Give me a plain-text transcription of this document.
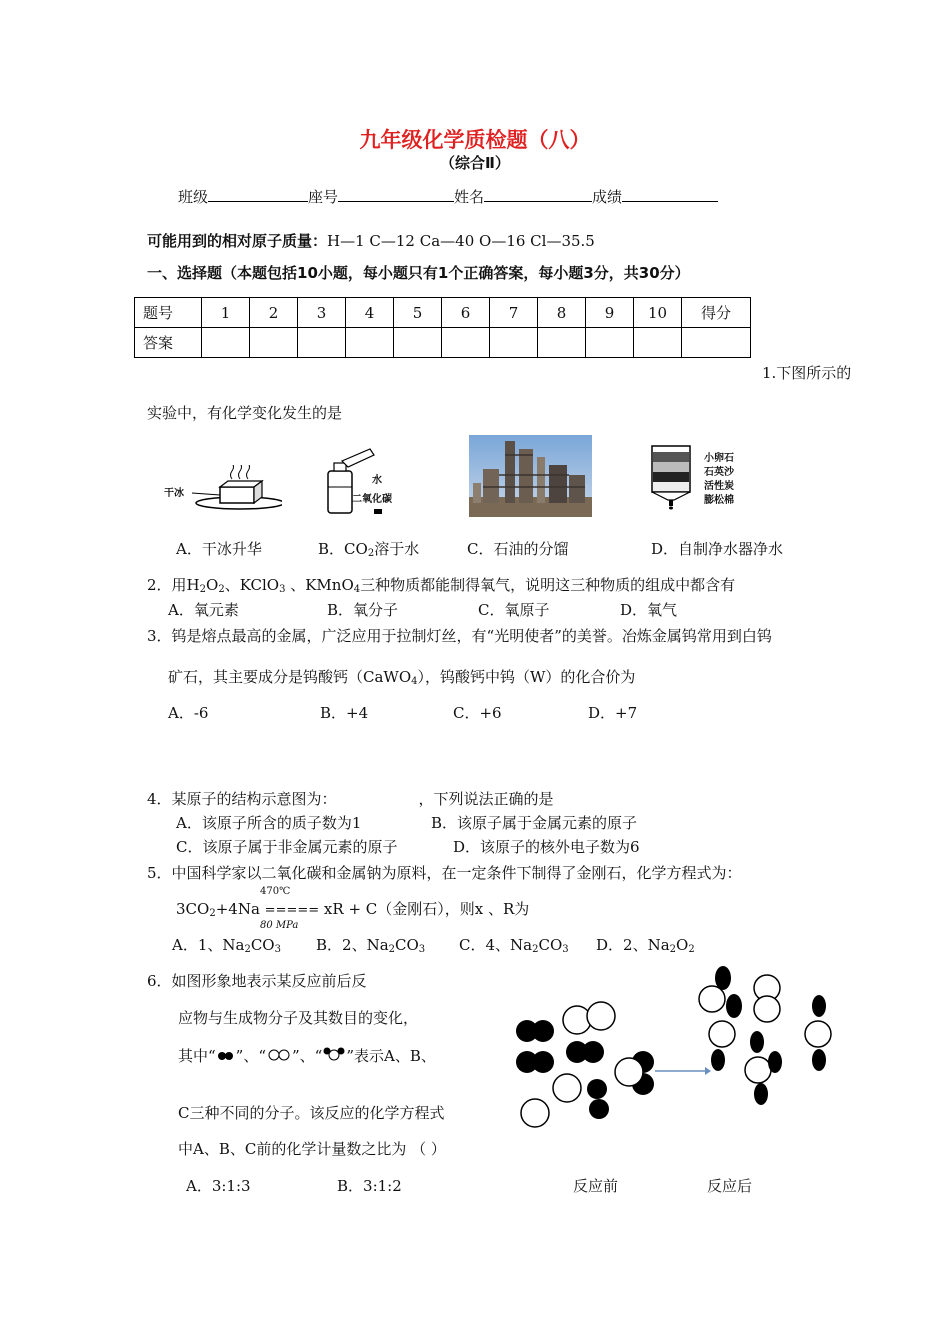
九年级化学质检题（八）
（综合Ⅱ）
班级	座号	姓名	成绩
可能用到的相对原子质量：H—1 C—12 Ca—40 O—16 Cl—35.5
一、选择题（本题包括10小题，每小题只有1个正确答案，每小题3分，共30分）
题号	1	2	3	4	5	6	7	8	9	10	得分
答案											
1.下图所示的
实验中，有化学变化发生的是
干冰
水
二氧化碳
小卵石
石英沙
活性炭
膨松棉
A．干冰升华	B．$CO_2$溶于水	C．石油的分馏	D．自制净水器净水
2．用$H_2O_2$、KClO$_3$ 、KMnO$_4$三种物质都能制得氧气，说明这三种物质的组成中都含有
A．氧元素	B．氧分子	C．氧原子	D．氧气
3．钨是熔点最高的金属，广泛应用于拉制灯丝，有“光明使者”的美誉。冶炼金属钨常用到白钨
矿石，其主要成分是钨酸钙（CaWO$_4$），钨酸钙中钨（W）的化合价为
A．-6	B．+4	C．+6	D．+7
4．某原子的结构示意图为：	，下列说法正确的是
A．该原子所含的质子数为1	B．该原子属于金属元素的原子
C．该原子属于非金属元素的原子	D．该原子的核外电子数为6
5．中国科学家以二氧化碳和金属钠为原料，在一定条件下制得了金刚石，化学方程式为：
470℃
$3CO_2+4Na$ ===== xR + C（金刚石），则x 、R为
80 MPa
A．1、$Na_2CO_3$ B．2、$Na_2CO_3$ C．4、$Na_2CO_3$ D．2、$Na_2O_2$
6．如图形象地表示某反应前后反
应物与生成物分子及其数目的变化，
其中“ ”、“ ”、“ ”表示A、B、
C三种不同的分子。该反应的化学方程式
中A、B、C前的化学计量数之比为 （ ）
A．3:1:3	B．3:1:2	反应前	反应后
